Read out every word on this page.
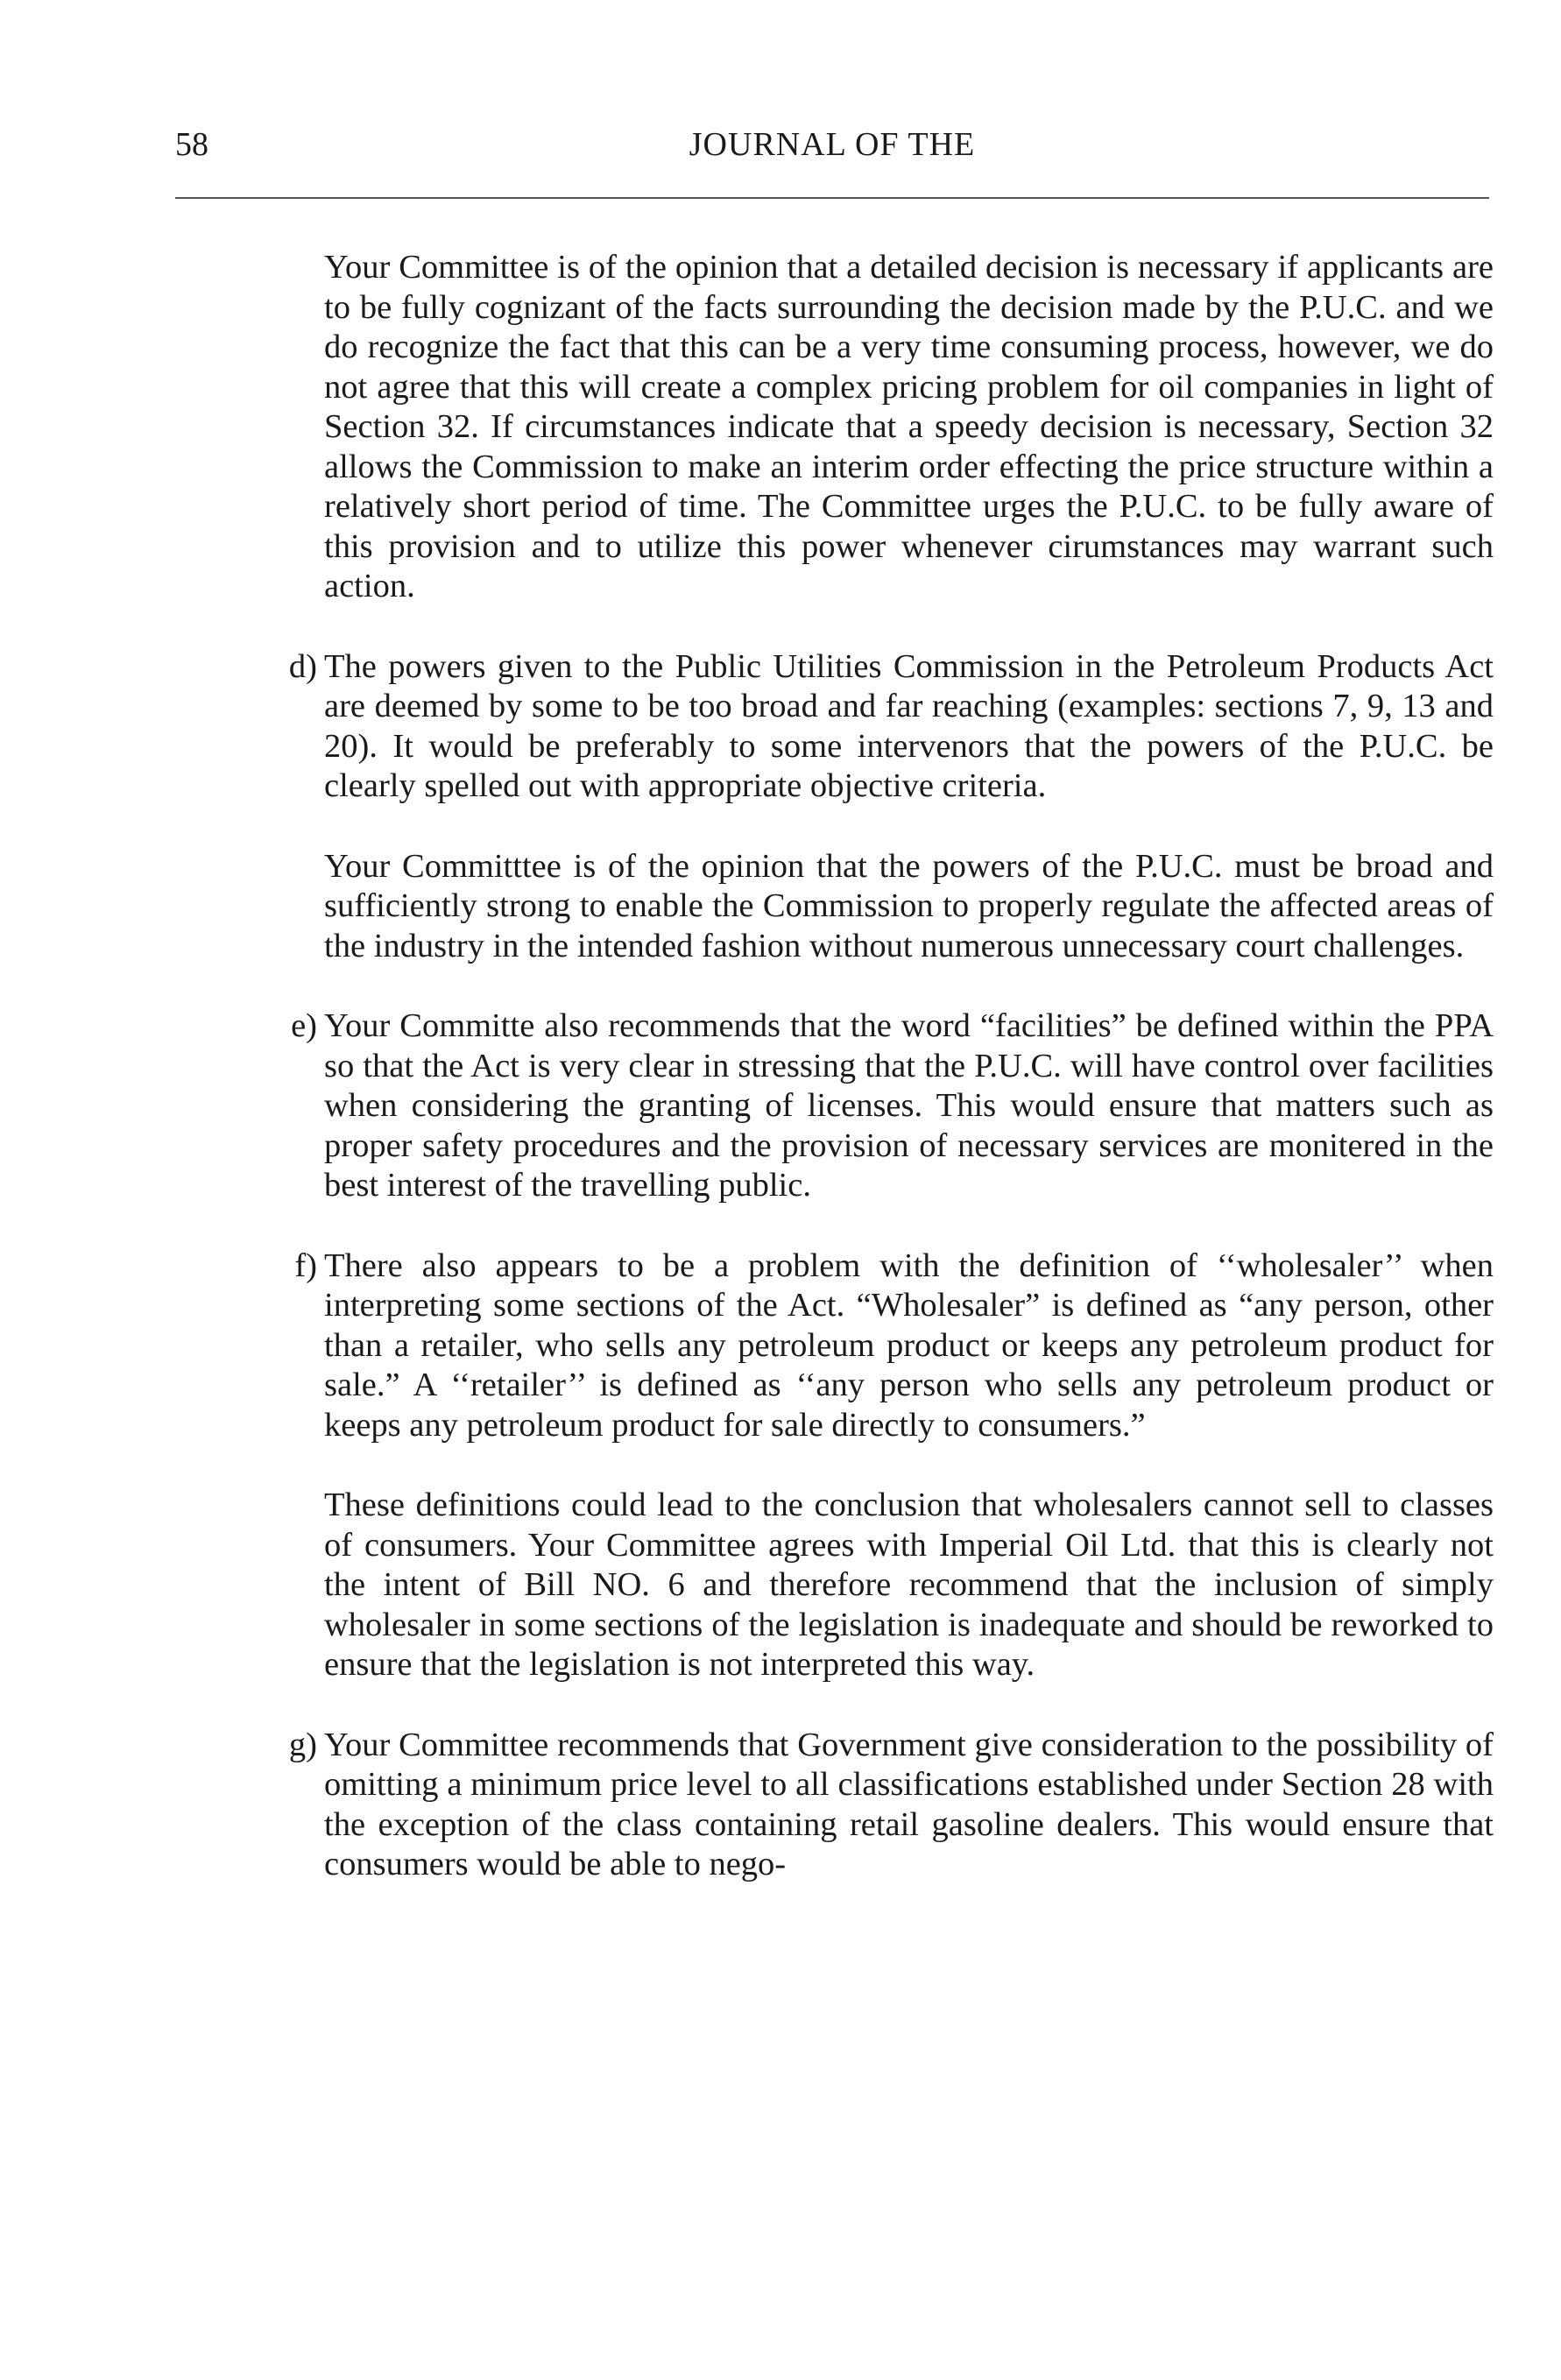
58	JOURNAL OF THE

Your Committee is of the opinion that a detailed decision is necessary if applicants are to be fully cognizant of the facts surrounding the decision made by the P.U.C. and we do recognize the fact that this can be a very time consuming process, however, we do not agree that this will create a complex pricing problem for oil companies in light of Section 32. If circumstances indicate that a speedy decision is necessary, Section 32 allows the Commission to make an interim order effecting the price structure within a relatively short period of time. The Committee urges the P.U.C. to be fully aware of this provision and to utilize this power whenever cirumstances may warrant such action.

d) The powers given to the Public Utilities Commission in the Petroleum Products Act are deemed by some to be too broad and far reaching (examples: sections 7, 9, 13 and 20). It would be preferably to some intervenors that the powers of the P.U.C. be clearly spelled out with appropriate objective criteria.

Your Committtee is of the opinion that the powers of the P.U.C. must be broad and sufficiently strong to enable the Commission to properly regulate the affected areas of the industry in the intended fashion without numerous unnecessary court challenges.

e) Your Committe also recommends that the word “facilities” be defined within the PPA so that the Act is very clear in stressing that the P.U.C. will have control over facilities when considering the granting of licenses. This would ensure that matters such as proper safety procedures and the provision of necessary services are monitered in the best interest of the travelling public.

f) There also appears to be a problem with the definition of ‘‘wholesaler’’ when interpreting some sections of the Act. “Wholesaler” is defined as “any person, other than a retailer, who sells any petroleum product or keeps any petroleum product for sale.” A ‘‘retailer’’ is defined as ‘‘any person who sells any petroleum product or keeps any petroleum product for sale directly to consumers.”

These definitions could lead to the conclusion that wholesalers cannot sell to classes of consumers. Your Committee agrees with Imperial Oil Ltd. that this is clearly not the intent of Bill NO. 6 and therefore recommend that the inclusion of simply wholesaler in some sections of the legislation is inadequate and should be reworked to ensure that the legislation is not interpreted this way.

g) Your Committee recommends that Government give consideration to the possibility of omitting a minimum price level to all classifications established under Section 28 with the exception of the class containing retail gasoline dealers. This would ensure that consumers would be able to nego-
